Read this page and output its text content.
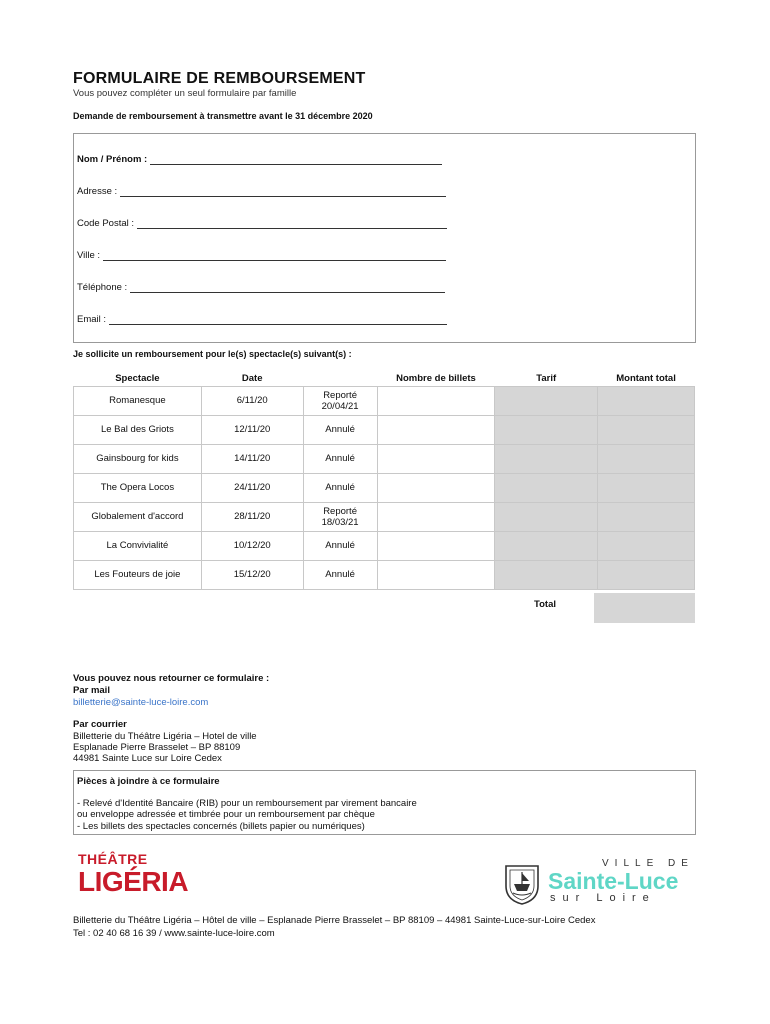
FORMULAIRE DE REMBOURSEMENT
Vous pouvez compléter un seul formulaire par famille
Demande de remboursement à transmettre avant le 31 décembre 2020
Nom / Prénom :
Adresse :
Code Postal :
Ville :
Téléphone :
Email :
Je sollicite un remboursement pour le(s) spectacle(s) suivant(s) :
Spectacle	Date		Nombre de billets	Tarif	Montant total
Romanesque	6/11/20	Reporté 20/04/21			
Le Bal des Griots	12/11/20	Annulé			
Gainsbourg for kids	14/11/20	Annulé			
The Opera Locos	24/11/20	Annulé			
Globalement d'accord	28/11/20	Reporté 18/03/21			
La Convivialité	10/12/20	Annulé			
Les Fouteurs de joie	15/12/20	Annulé			
Total
Vous pouvez nous retourner ce formulaire :
Par mail
billetterie@sainte-luce-loire.com
Par courrier
Billetterie du Théâtre Ligéria – Hotel de ville
Esplanade Pierre Brasselet – BP 88109
44981 Sainte Luce sur Loire Cedex
Pièces à joindre à ce formulaire
- Relevé d'Identité Bancaire (RIB) pour un remboursement par virement bancaire
ou enveloppe adressée et timbrée pour un remboursement par chèque
- Les billets des spectacles concernés (billets papier ou numériques)
THÉÂTRE
LIGÉRIA
VILLE DE
Sainte-Luce
sur Loire
Billetterie du Théâtre Ligéria – Hôtel de ville – Esplanade Pierre Brasselet – BP 88109 – 44981 Sainte-Luce-sur-Loire Cedex
Tel : 02 40 68 16 39 / www.sainte-luce-loire.com
